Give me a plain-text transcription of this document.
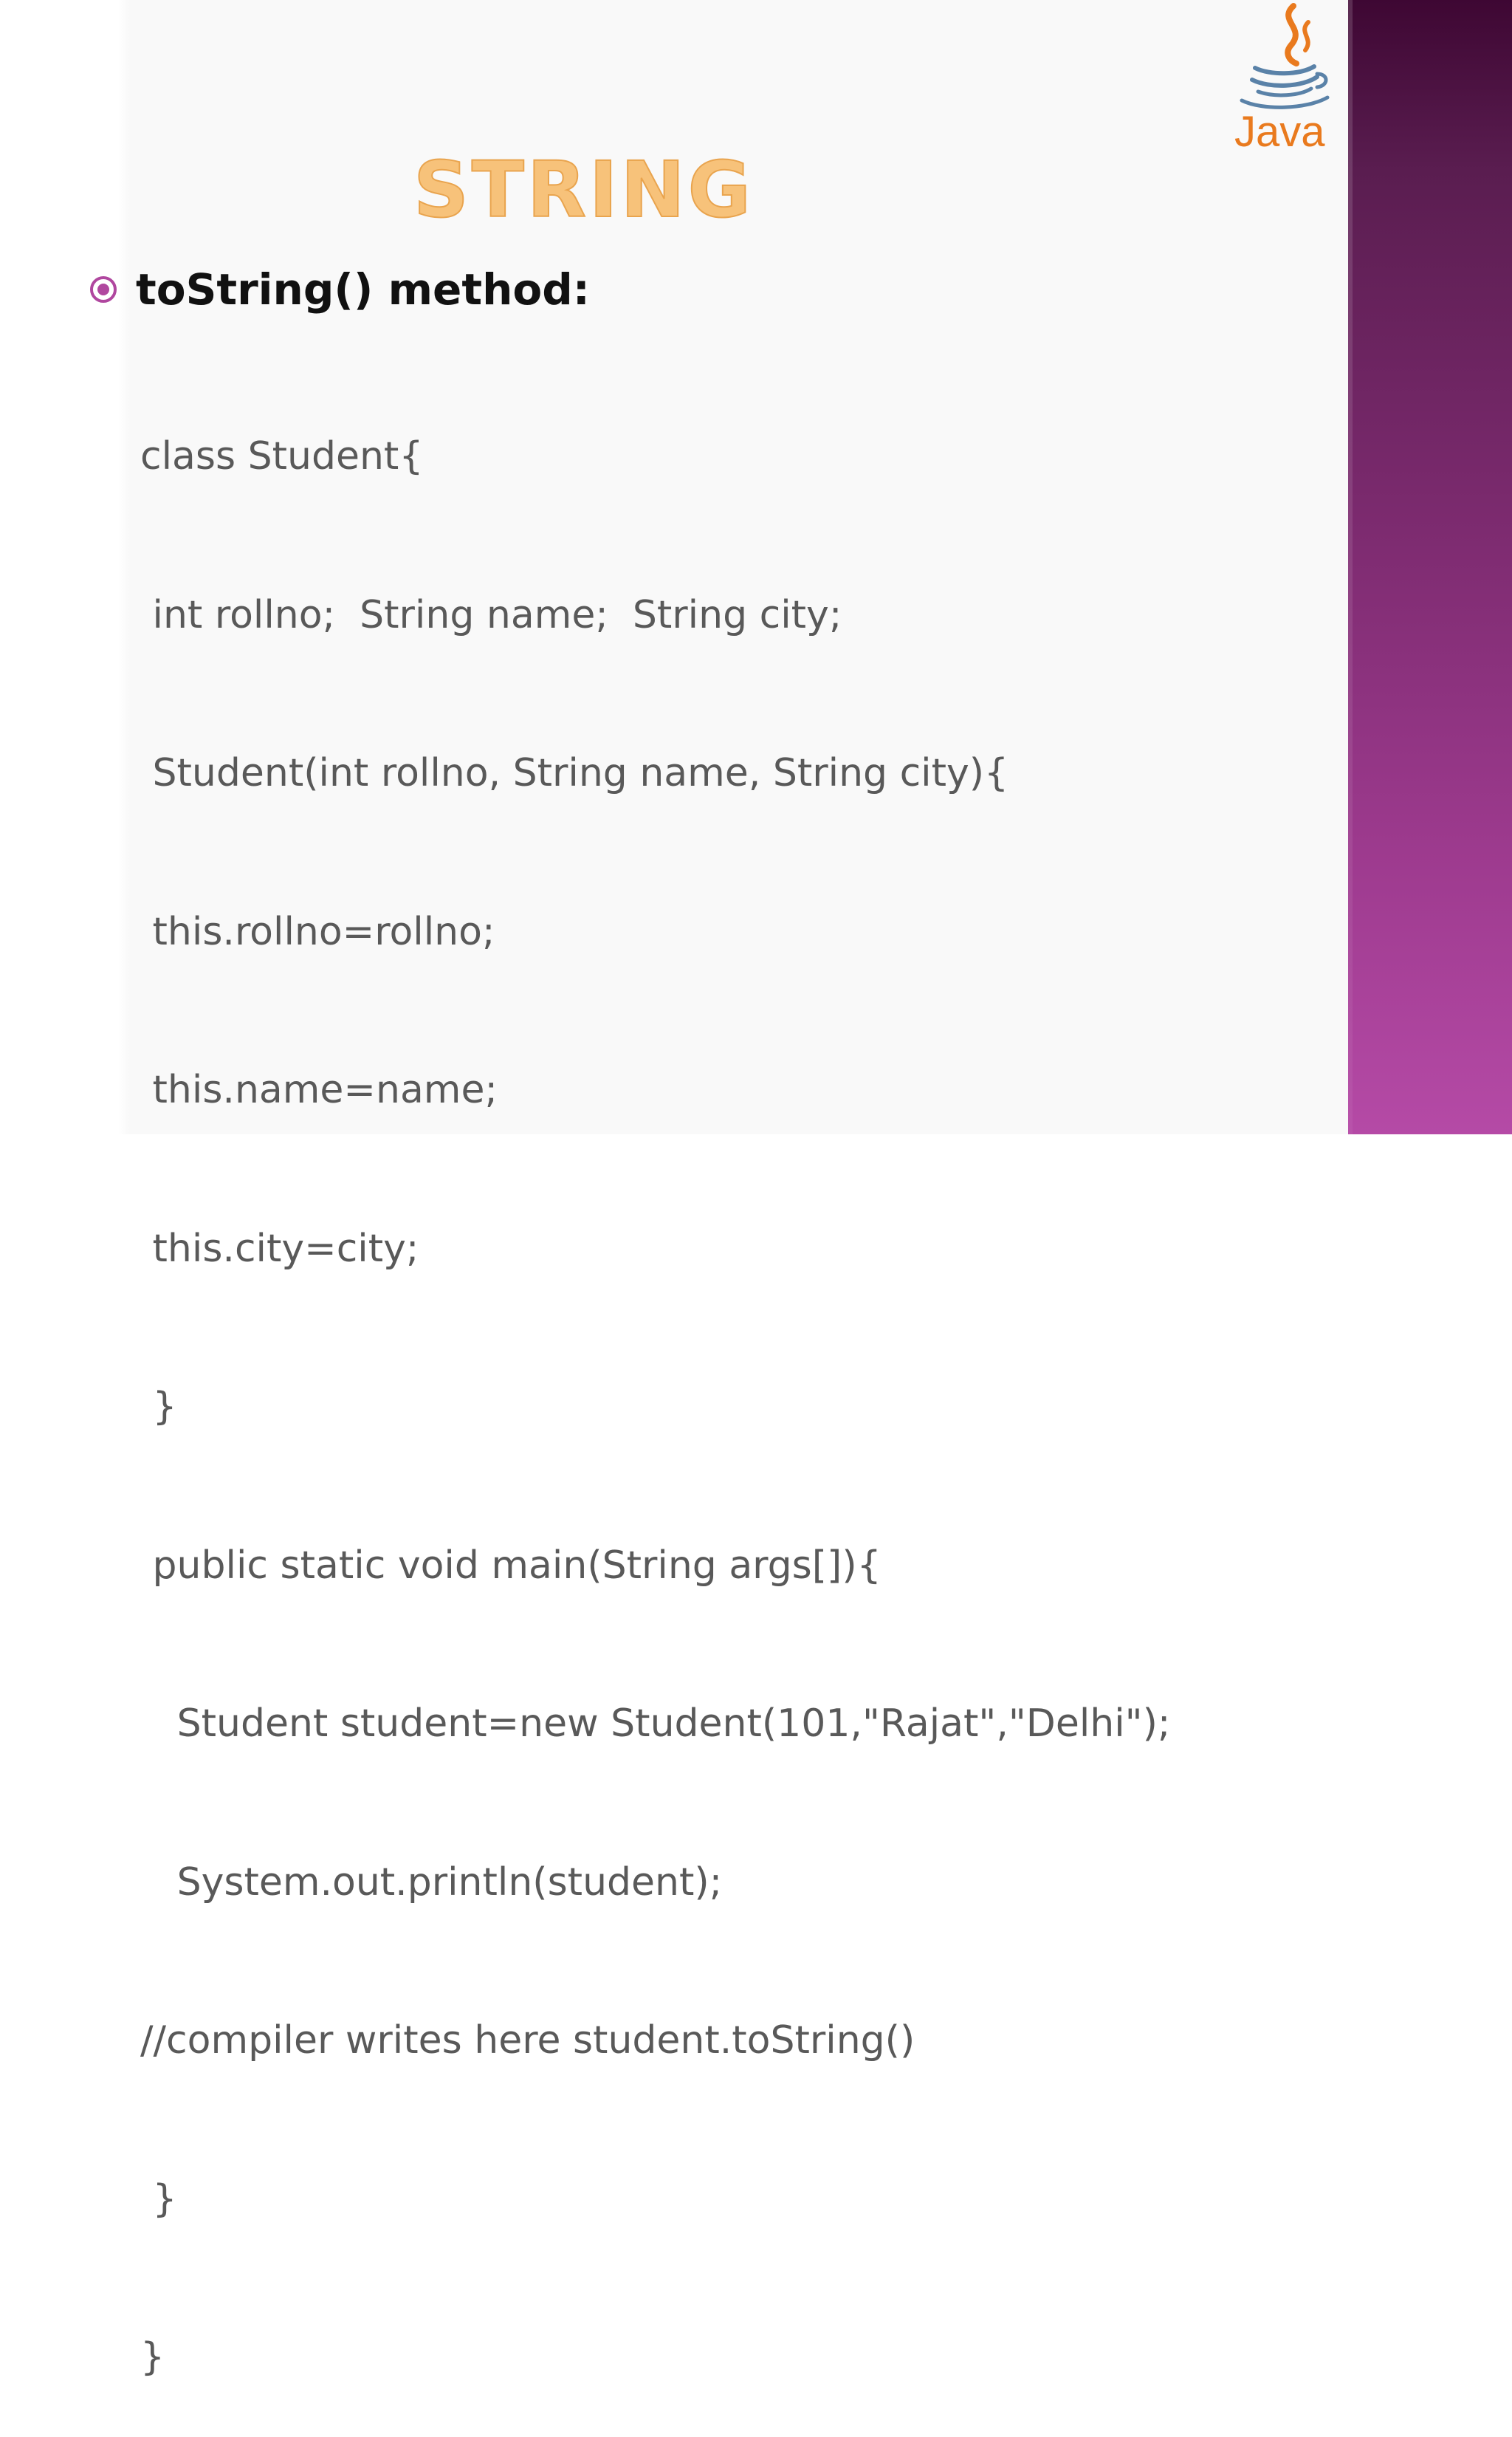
Java
STRING
toString() method:

class Student{

int rollno;  String name;  String city;

Student(int rollno, String name, String city){

this.rollno=rollno;

this.name=name;

this.city=city;

}

public static void main(String args[]){

Student student=new Student(101,"Rajat","Delhi");

System.out.println(student);

//compiler writes here student.toString()

}

}
